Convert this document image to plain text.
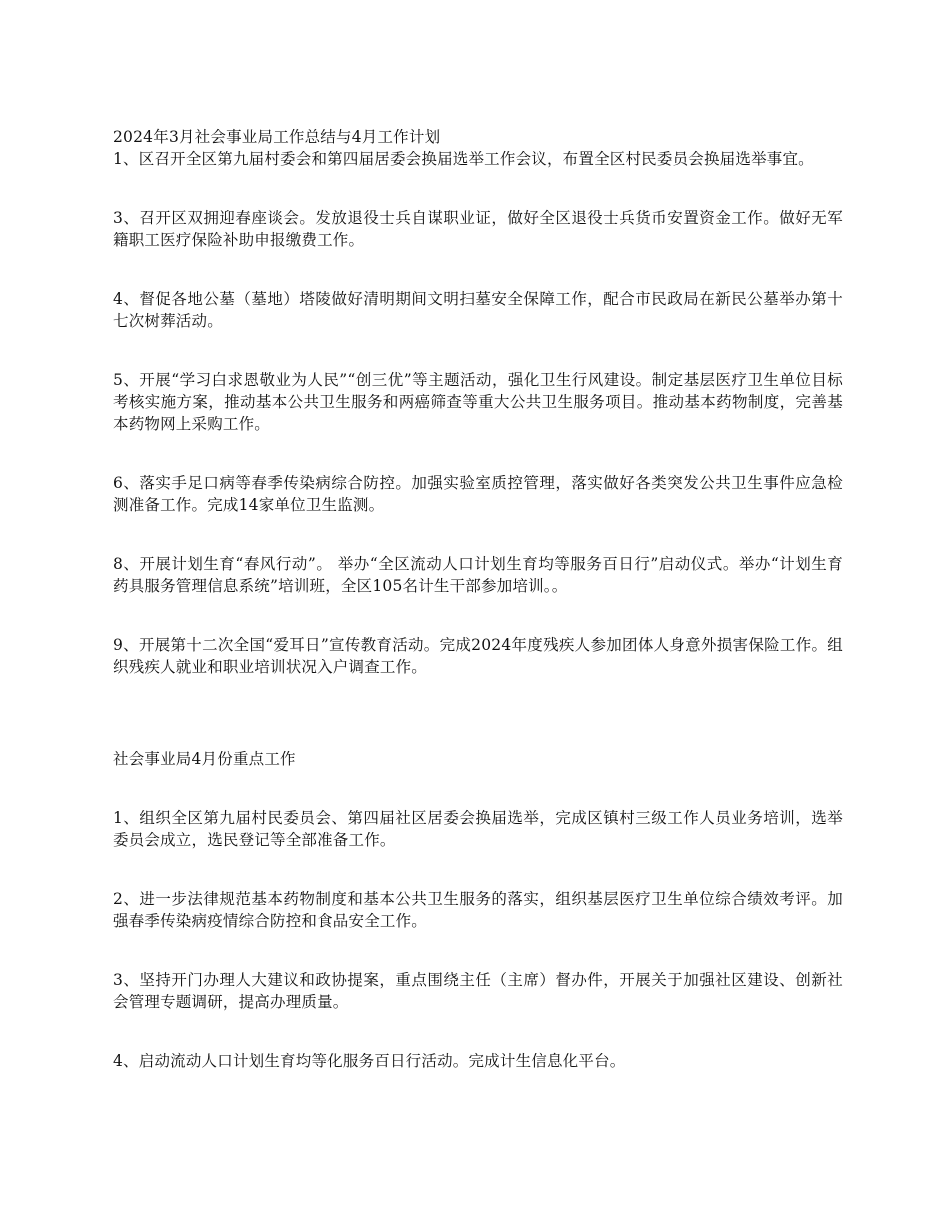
2024年3月社会事业局工作总结与4月工作计划

1、区召开全区第九届村委会和第四届居委会换届选举工作会议，布置全区村民委员会换届选举事宜。

3、召开区双拥迎春座谈会。发放退役士兵自谋职业证，做好全区退役士兵货币安置资金工作。做好无军籍职工医疗保险补助申报缴费工作。

4、督促各地公墓（墓地）塔陵做好清明期间文明扫墓安全保障工作，配合市民政局在新民公墓举办第十七次树葬活动。

5、开展“学习白求恩敬业为人民”“创三优”等主题活动，强化卫生行风建设。制定基层医疗卫生单位目标考核实施方案，推动基本公共卫生服务和两癌筛查等重大公共卫生服务项目。推动基本药物制度，完善基本药物网上采购工作。

6、落实手足口病等春季传染病综合防控。加强实验室质控管理，落实做好各类突发公共卫生事件应急检测准备工作。完成14家单位卫生监测。

8、开展计划生育“春风行动”。 举办“全区流动人口计划生育均等服务百日行”启动仪式。举办“计划生育药具服务管理信息系统”培训班，全区105名计生干部参加培训。。

9、开展第十二次全国“爱耳日”宣传教育活动。完成2024年度残疾人参加团体人身意外损害保险工作。组织残疾人就业和职业培训状况入户调查工作。

社会事业局4月份重点工作

1、组织全区第九届村民委员会、第四届社区居委会换届选举，完成区镇村三级工作人员业务培训，选举委员会成立，选民登记等全部准备工作。

2、进一步法律规范基本药物制度和基本公共卫生服务的落实，组织基层医疗卫生单位综合绩效考评。加强春季传染病疫情综合防控和食品安全工作。

3、坚持开门办理人大建议和政协提案，重点围绕主任（主席）督办件，开展关于加强社区建设、创新社会管理专题调研，提高办理质量。

4、启动流动人口计划生育均等化服务百日行活动。完成计生信息化平台。
